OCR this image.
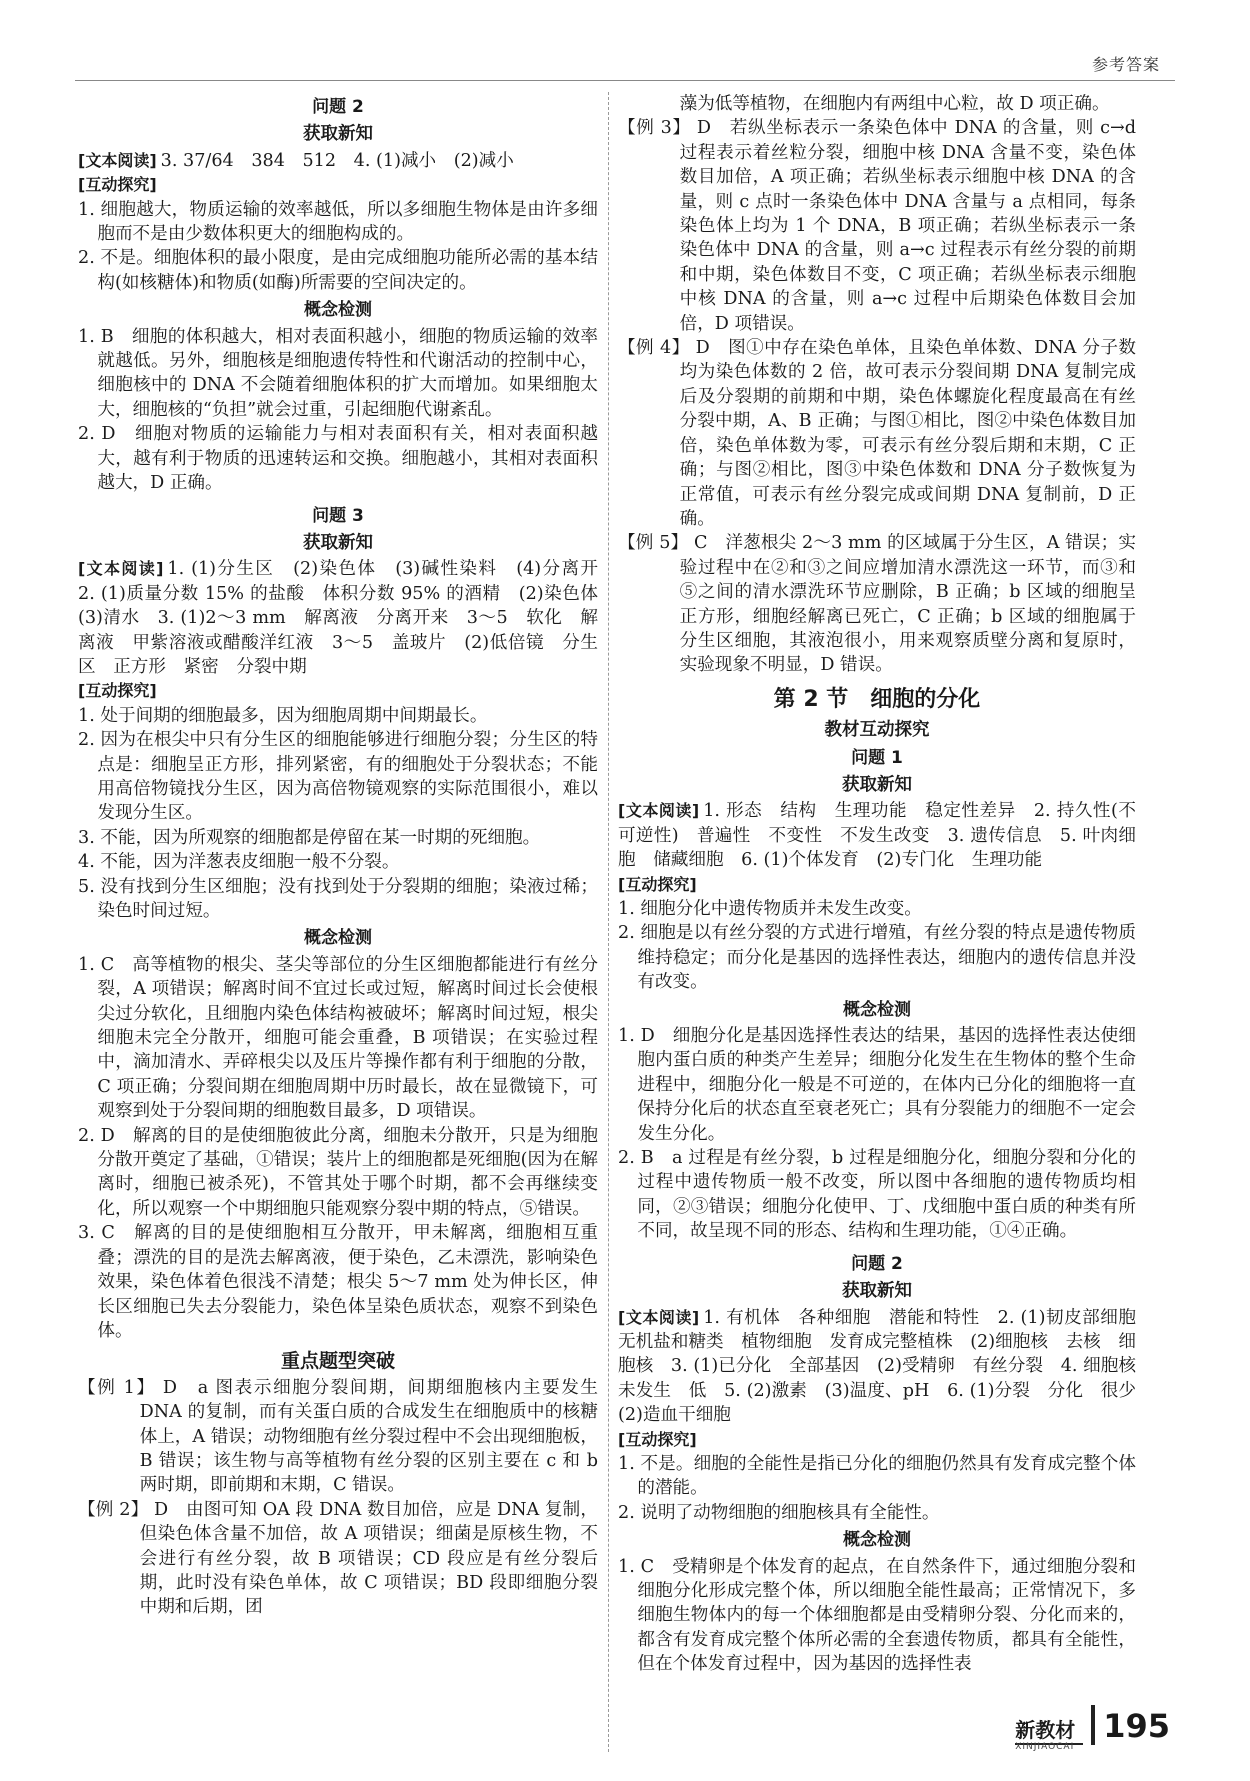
参考答案
问题 2
获取新知

[文本阅读] 3. 37/64　384　512　4. (1)减小　(2)减小

[互动探究]

1. 细胞越大，物质运输的效率越低，所以多细胞生物体是由许多细胞而不是由少数体积更大的细胞构成的。

2. 不是。细胞体积的最小限度，是由完成细胞功能所必需的基本结构(如核糖体)和物质(如酶)所需要的空间决定的。

概念检测

1. B　细胞的体积越大，相对表面积越小，细胞的物质运输的效率就越低。另外，细胞核是细胞遗传特性和代谢活动的控制中心，细胞核中的 DNA 不会随着细胞体积的扩大而增加。如果细胞太大，细胞核的“负担”就会过重，引起细胞代谢紊乱。

2. D　细胞对物质的运输能力与相对表面积有关，相对表面积越大，越有利于物质的迅速转运和交换。细胞越小，其相对表面积越大，D 正确。

问题 3
获取新知

[文本阅读] 1. (1)分生区　(2)染色体　(3)碱性染料　(4)分离开　2. (1)质量分数 15% 的盐酸　体积分数 95% 的酒精　(2)染色体　(3)清水　3. (1)2～3 mm　解离液　分离开来　3～5　软化　解离液　甲紫溶液或醋酸洋红液　3～5　盖玻片　(2)低倍镜　分生区　正方形　紧密　分裂中期

[互动探究]

1. 处于间期的细胞最多，因为细胞周期中间期最长。

2. 因为在根尖中只有分生区的细胞能够进行细胞分裂；分生区的特点是：细胞呈正方形，排列紧密，有的细胞处于分裂状态；不能用高倍物镜找分生区，因为高倍物镜观察的实际范围很小，难以发现分生区。

3. 不能，因为所观察的细胞都是停留在某一时期的死细胞。

4. 不能，因为洋葱表皮细胞一般不分裂。

5. 没有找到分生区细胞；没有找到处于分裂期的细胞；染液过稀；染色时间过短。

概念检测

1. C　高等植物的根尖、茎尖等部位的分生区细胞都能进行有丝分裂，A 项错误；解离时间不宜过长或过短，解离时间过长会使根尖过分软化，且细胞内染色体结构被破坏；解离时间过短，根尖细胞未完全分散开，细胞可能会重叠，B 项错误；在实验过程中，滴加清水、弄碎根尖以及压片等操作都有利于细胞的分散，C 项正确；分裂间期在细胞周期中历时最长，故在显微镜下，可观察到处于分裂间期的细胞数目最多，D 项错误。

2. D　解离的目的是使细胞彼此分离，细胞未分散开，只是为细胞分散开奠定了基础，①错误；装片上的细胞都是死细胞(因为在解离时，细胞已被杀死)，不管其处于哪个时期，都不会再继续变化，所以观察一个中期细胞只能观察分裂中期的特点，⑤错误。

3. C　解离的目的是使细胞相互分散开，甲未解离，细胞相互重叠；漂洗的目的是洗去解离液，便于染色，乙未漂洗，影响染色效果，染色体着色很浅不清楚；根尖 5～7 mm 处为伸长区，伸长区细胞已失去分裂能力，染色体呈染色质状态，观察不到染色体。

重点题型突破

【例 1】 D　a 图表示细胞分裂间期，间期细胞核内主要发生 DNA 的复制，而有关蛋白质的合成发生在细胞质中的核糖体上，A 错误；动物细胞有丝分裂过程中不会出现细胞板，B 错误；该生物与高等植物有丝分裂的区别主要在 c 和 b 两时期，即前期和末期，C 错误。

【例 2】 D　由图可知 OA 段 DNA 数目加倍，应是 DNA 复制，但染色体含量不加倍，故 A 项错误；细菌是原核生物，不会进行有丝分裂，故 B 项错误；CD 段应是有丝分裂后期，此时没有染色单体，故 C 项错误；BD 段即细胞分裂中期和后期，团

藻为低等植物，在细胞内有两组中心粒，故 D 项正确。

【例 3】 D　若纵坐标表示一条染色体中 DNA 的含量，则 c→d 过程表示着丝粒分裂，细胞中核 DNA 含量不变，染色体数目加倍，A 项正确；若纵坐标表示细胞中核 DNA 的含量，则 c 点时一条染色体中 DNA 含量与 a 点相同，每条染色体上均为 1 个 DNA，B 项正确；若纵坐标表示一条染色体中 DNA 的含量，则 a→c 过程表示有丝分裂的前期和中期，染色体数目不变，C 项正确；若纵坐标表示细胞中核 DNA 的含量，则 a→c 过程中后期染色体数目会加倍，D 项错误。

【例 4】 D　图①中存在染色单体，且染色单体数、DNA 分子数均为染色体数的 2 倍，故可表示分裂间期 DNA 复制完成后及分裂期的前期和中期，染色体螺旋化程度最高在有丝分裂中期，A、B 正确；与图①相比，图②中染色体数目加倍，染色单体数为零，可表示有丝分裂后期和末期，C 正确；与图②相比，图③中染色体数和 DNA 分子数恢复为正常值，可表示有丝分裂完成或间期 DNA 复制前，D 正确。

【例 5】 C　洋葱根尖 2～3 mm 的区域属于分生区，A 错误；实验过程中在②和③之间应增加清水漂洗这一环节，而③和⑤之间的清水漂洗环节应删除，B 正确；b 区域的细胞呈正方形，细胞经解离已死亡，C 正确；b 区域的细胞属于分生区细胞，其液泡很小，用来观察质壁分离和复原时，实验现象不明显，D 错误。

第 2 节　细胞的分化
教材互动探究
问题 1
获取新知

[文本阅读] 1. 形态　结构　生理功能　稳定性差异　2. 持久性(不可逆性)　普遍性　不变性　不发生改变　3. 遗传信息　5. 叶肉细胞　储藏细胞　6. (1)个体发育　(2)专门化　生理功能

[互动探究]

1. 细胞分化中遗传物质并未发生改变。

2. 细胞是以有丝分裂的方式进行增殖，有丝分裂的特点是遗传物质维持稳定；而分化是基因的选择性表达，细胞内的遗传信息并没有改变。

概念检测

1. D　细胞分化是基因选择性表达的结果，基因的选择性表达使细胞内蛋白质的种类产生差异；细胞分化发生在生物体的整个生命进程中，细胞分化一般是不可逆的，在体内已分化的细胞将一直保持分化后的状态直至衰老死亡；具有分裂能力的细胞不一定会发生分化。

2. B　a 过程是有丝分裂，b 过程是细胞分化，细胞分裂和分化的过程中遗传物质一般不改变，所以图中各细胞的遗传物质均相同，②③错误；细胞分化使甲、丁、戊细胞中蛋白质的种类有所不同，故呈现不同的形态、结构和生理功能，①④正确。

问题 2
获取新知

[文本阅读] 1. 有机体　各种细胞　潜能和特性　2. (1)韧皮部细胞　无机盐和糖类　植物细胞　发育成完整植株　(2)细胞核　去核　细胞核　3. (1)已分化　全部基因　(2)受精卵　有丝分裂　4. 细胞核　未发生　低　5. (2)激素　(3)温度、pH　6. (1)分裂　分化　很少　(2)造血干细胞

[互动探究]

1. 不是。细胞的全能性是指已分化的细胞仍然具有发育成完整个体的潜能。

2. 说明了动物细胞的细胞核具有全能性。

概念检测

1. C　受精卵是个体发育的起点，在自然条件下，通过细胞分裂和细胞分化形成完整个体，所以细胞全能性最高；正常情况下，多细胞生物体内的每一个体细胞都是由受精卵分裂、分化而来的，都含有发育成完整个体所必需的全套遗传物质，都具有全能性，但在个体发育过程中，因为基因的选择性表

新教材
XINJIAOCAI
195
